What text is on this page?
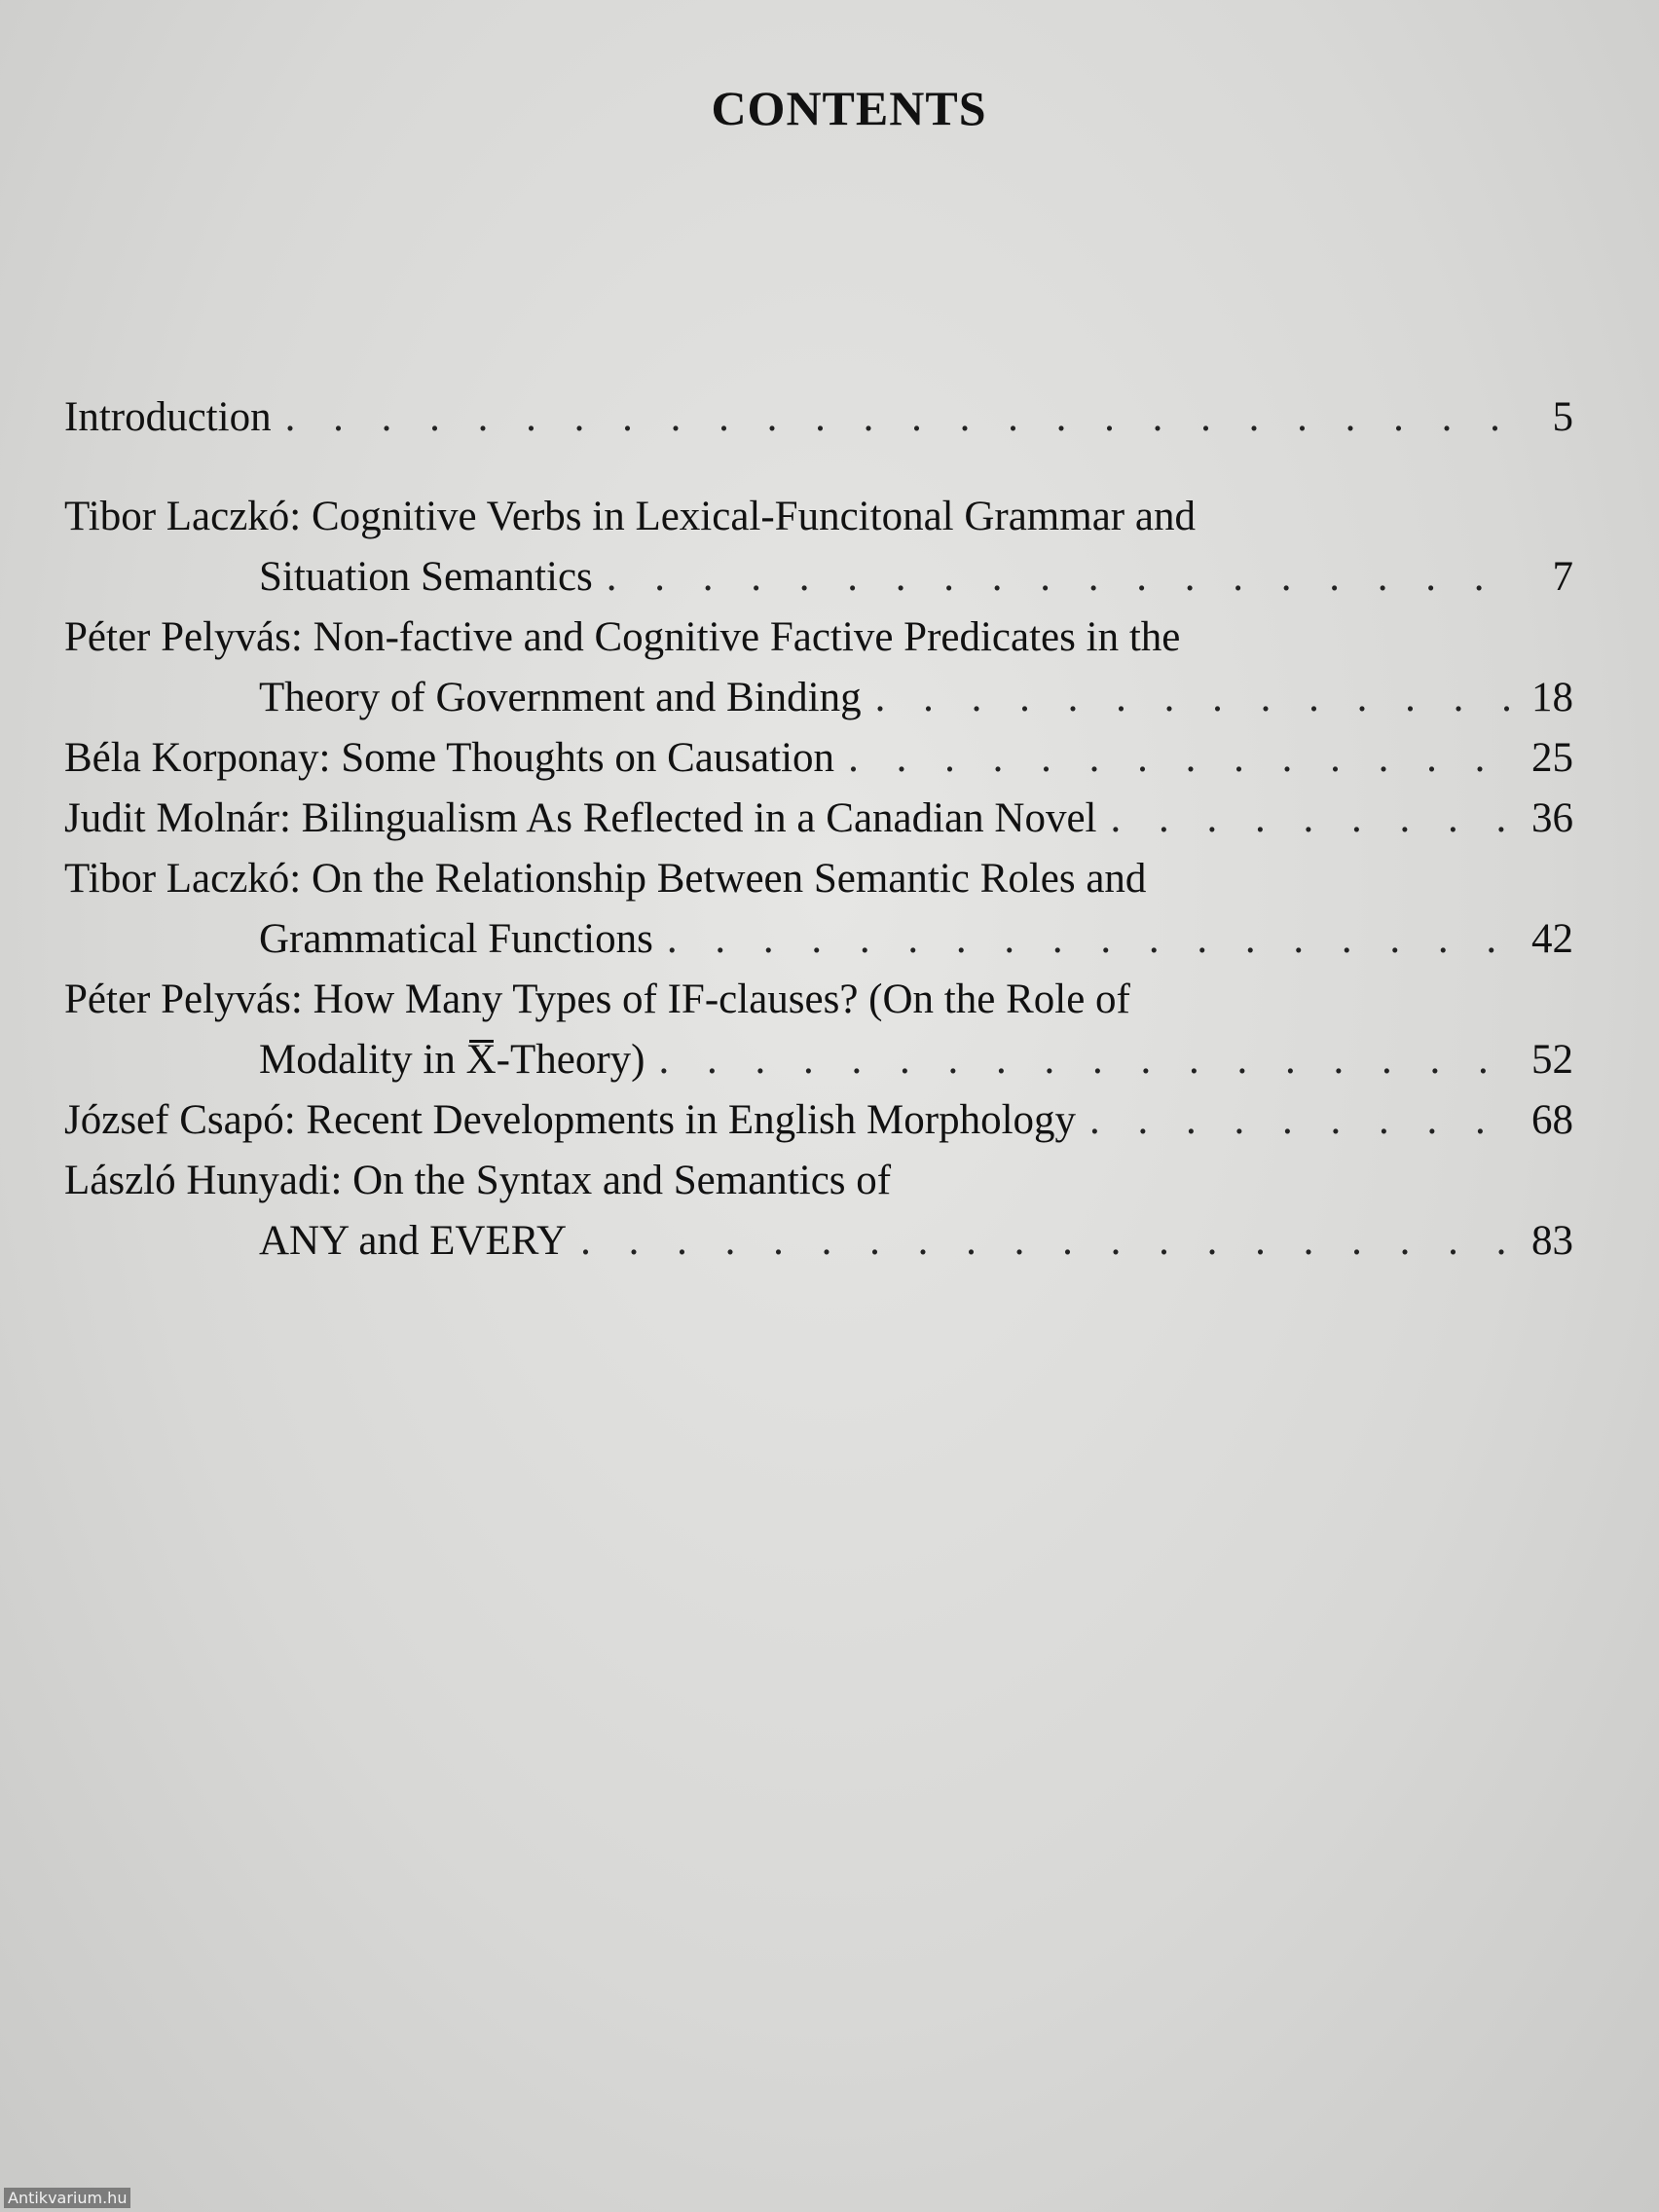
CONTENTS
Introduction . . .	5
Tibor Laczkó: Cognitive Verbs in Lexical-Funcitonal Grammar and
Situation Semantics . . .	7
Péter Pelyvás: Non-factive and Cognitive Factive Predicates in the
Theory of Government and Binding . . .	18
Béla Korponay: Some Thoughts on Causation . . .	25
Judit Molnár: Bilingualism As Reflected in a Canadian Novel . . .	36
Tibor Laczkó: On the Relationship Between Semantic Roles and
Grammatical Functions . . .	42
Péter Pelyvás: How Many Types of IF-clauses? (On the Role of
Modality in X-Theory) . . .	52
József Csapó: Recent Developments in English Morphology . . .	68
László Hunyadi: On the Syntax and Semantics of
ANY and EVERY . . .	83
Antikvarium.hu
